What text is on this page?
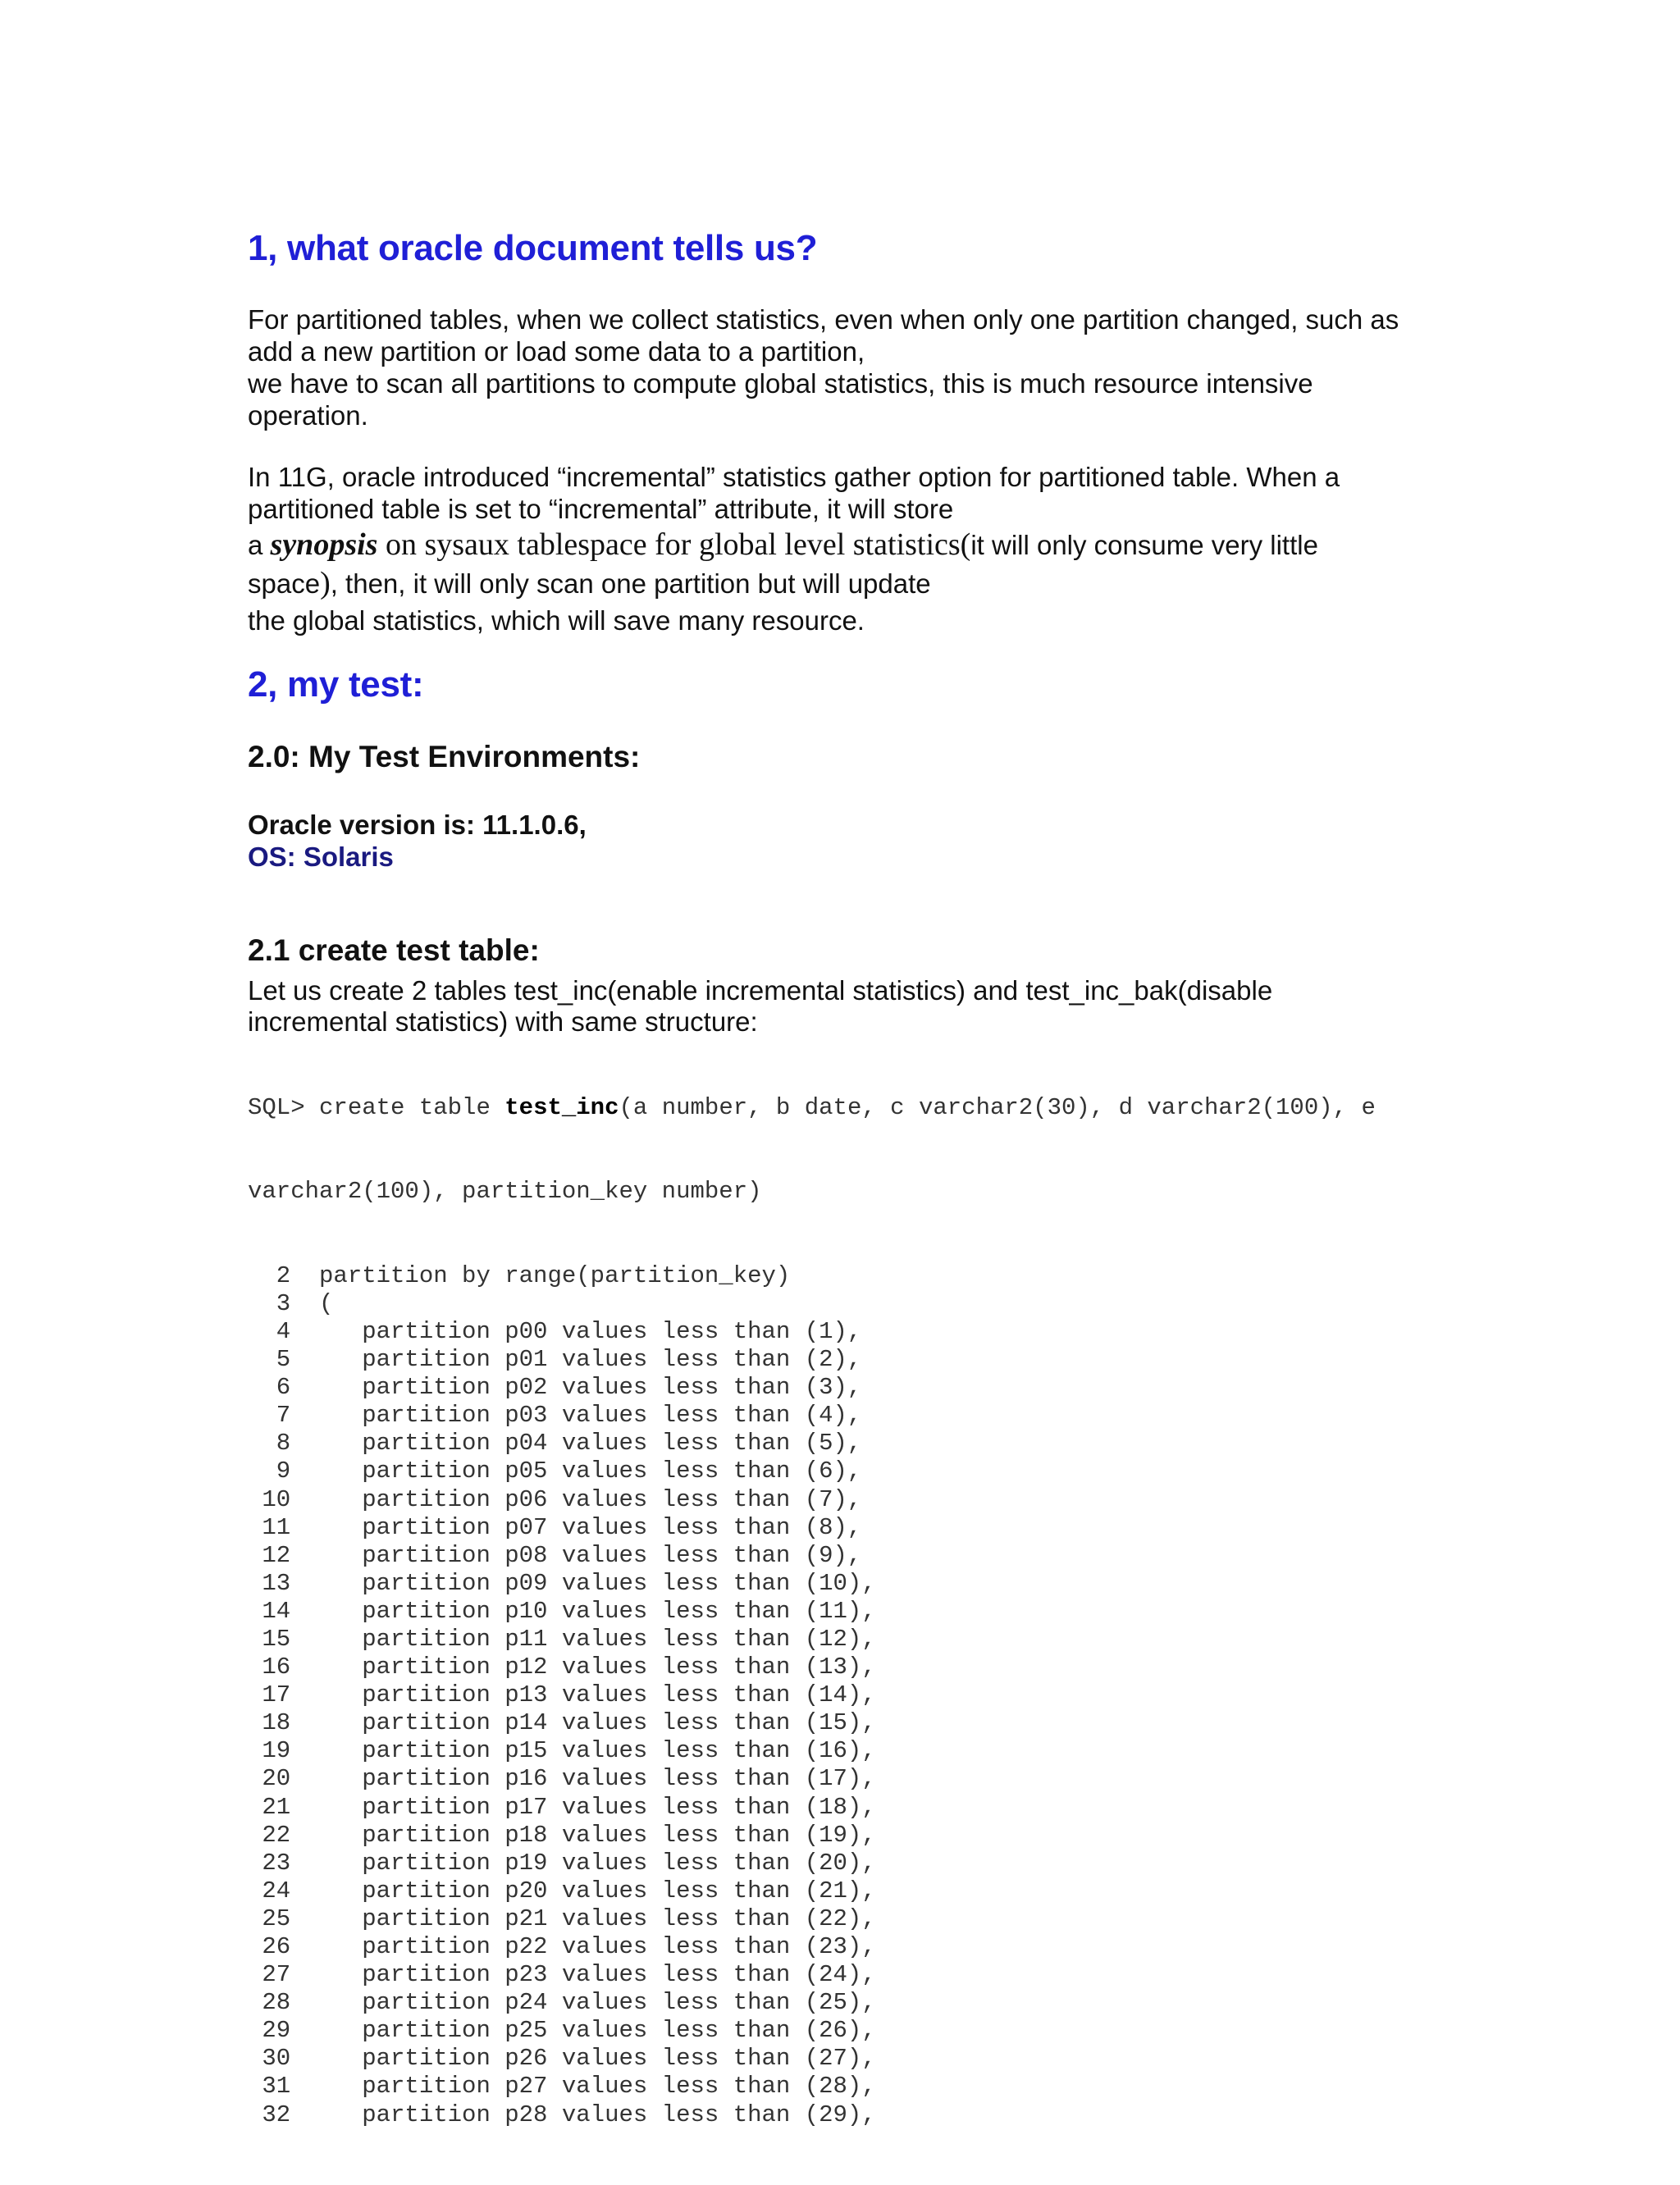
1, what oracle document tells us?
For partitioned tables, when we collect statistics, even when only one partition changed, such as
add a new partition or load some data to a partition,
we have to scan all partitions to compute global statistics, this is much resource intensive
operation.
In 11G, oracle introduced “incremental” statistics gather option for partitioned table. When a
partitioned table is set to “incremental” attribute, it will store
a synopsis on sysaux tablespace for global level statistics(it will only consume very little
space), then, it will only scan one partition but will update
the global statistics, which will save many resource.
2, my test:
2.0: My Test Environments:
Oracle version is: 11.1.0.6,
OS: Solaris
2.1 create test table:
Let us create 2 tables test_inc(enable incremental statistics) and test_inc_bak(disable
incremental statistics) with same structure:

SQL> create table test_inc(a number, b date, c varchar2(30), d varchar2(100), e

varchar2(100), partition_key number)

2  partition by range(partition_key)
3  (
4     partition p00 values less than (1),
5     partition p01 values less than (2),
6     partition p02 values less than (3),
7     partition p03 values less than (4),
8     partition p04 values less than (5),
9     partition p05 values less than (6),
10     partition p06 values less than (7),
11     partition p07 values less than (8),
12     partition p08 values less than (9),
13     partition p09 values less than (10),
14     partition p10 values less than (11),
15     partition p11 values less than (12),
16     partition p12 values less than (13),
17     partition p13 values less than (14),
18     partition p14 values less than (15),
19     partition p15 values less than (16),
20     partition p16 values less than (17),
21     partition p17 values less than (18),
22     partition p18 values less than (19),
23     partition p19 values less than (20),
24     partition p20 values less than (21),
25     partition p21 values less than (22),
26     partition p22 values less than (23),
27     partition p23 values less than (24),
28     partition p24 values less than (25),
29     partition p25 values less than (26),
30     partition p26 values less than (27),
31     partition p27 values less than (28),
32     partition p28 values less than (29),
